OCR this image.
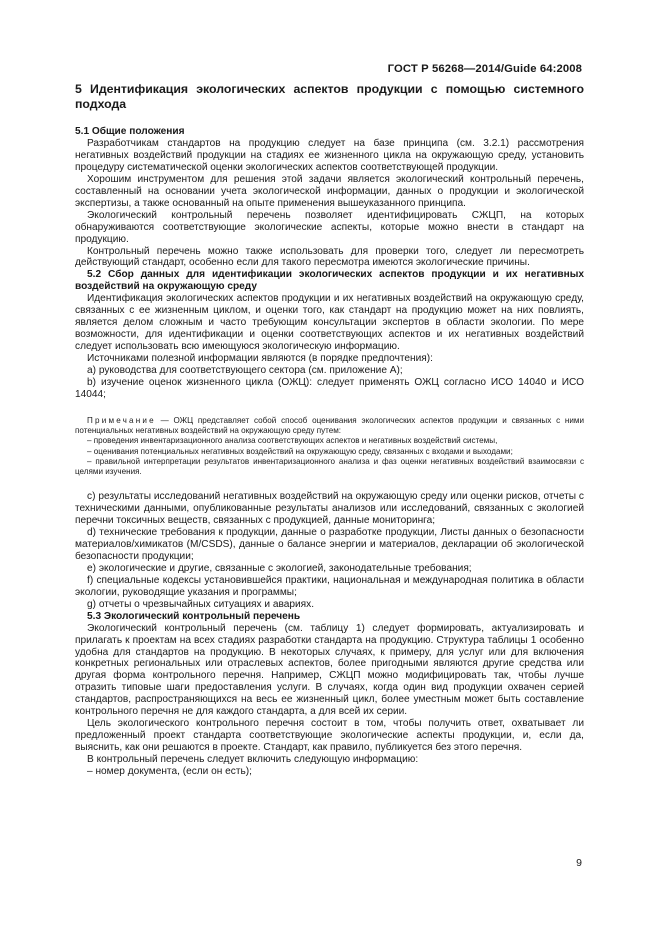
ГОСТ Р 56268—2014/Guide 64:2008
5 Идентификация экологических аспектов продукции с помощью системного подхода
5.1 Общие положения

Разработчикам стандартов на продукцию следует на базе принципа (см. 3.2.1) рассмотрения негативных воздействий продукции на стадиях ее жизненного цикла на окружающую среду, установить процедуру систематической оценки экологических аспектов соответствующей продукции.

Хорошим инструментом для решения этой задачи является экологический контрольный перечень, составленный на основании учета экологической информации, данных о продукции и экологической экспертизы, а также основанный на опыте применения вышеуказанного принципа.

Экологический контрольный перечень позволяет идентифицировать СЖЦП, на которых обнаруживаются соответствующие экологические аспекты, которые можно внести в стандарт на продукцию.

Контрольный перечень можно также использовать для проверки того, следует ли пересмотреть действующий стандарт, особенно если для такого пересмотра имеются экологические причины.

5.2 Сбор данных для идентификации экологических аспектов продукции и их негативных воздействий на окружающую среду

Идентификация экологических аспектов продукции и их негативных воздействий на окружающую среду, связанных с ее жизненным циклом, и оценки того, как стандарт на продукцию может на них повлиять, является делом сложным и часто требующим консультации экспертов в области экологии. По мере возможности, для идентификации и оценки соответствующих аспектов и их негативных воздействий следует использовать всю имеющуюся экологическую информацию.

Источниками полезной информации являются (в порядке предпочтения):

а) руководства для соответствующего сектора (см. приложение А);

b) изучение оценок жизненного цикла (ОЖЦ): следует применять ОЖЦ согласно ИСО 14040 и ИСО 14044;

Примечание — ОЖЦ представляет собой способ оценивания экологических аспектов продукции и связанных с ними потенциальных негативных воздействий на окружающую среду путем:

– проведения инвентаризационного анализа соответствующих аспектов и негативных воздействий системы,

– оценивания потенциальных негативных воздействий на окружающую среду, связанных с входами и выходами;

– правильной интерпретации результатов инвентаризационного анализа и фаз оценки негативных воздействий взаимосвязи с целями изучения.

c) результаты исследований негативных воздействий на окружающую среду или оценки рисков, отчеты с техническими данными, опубликованные результаты анализов или исследований, связанных с экологией перечни токсичных веществ, связанных с продукцией, данные мониторинга;

d) технические требования к продукции, данные о разработке продукции, Листы данных о безопасности материалов/химикатов (M/CSDS), данные о балансе энергии и материалов, декларации об экологической безопасности продукции;

e) экологические и другие, связанные с экологией, законодательные требования;

f) специальные кодексы установившейся практики, национальная и международная политика в области экологии, руководящие указания и программы;

g) отчеты о чрезвычайных ситуациях и авариях.

5.3 Экологический контрольный перечень

Экологический контрольный перечень (см. таблицу 1) следует формировать, актуализировать и прилагать к проектам на всех стадиях разработки стандарта на продукцию. Структура таблицы 1 особенно удобна для стандартов на продукцию. В некоторых случаях, к примеру, для услуг или для включения конкретных региональных или отраслевых аспектов, более пригодными являются другие средства или другая форма контрольного перечня. Например, СЖЦП можно модифицировать так, чтобы лучше отразить типовые шаги предоставления услуги. В случаях, когда один вид продукции охвачен серией стандартов, распространяющихся на весь ее жизненный цикл, более уместным может быть составление контрольного перечня не для каждого стандарта, а для всей их серии.

Цель экологического контрольного перечня состоит в том, чтобы получить ответ, охватывает ли предложенный проект стандарта соответствующие экологические аспекты продукции, и, если да, выяснить, как они решаются в проекте. Стандарт, как правило, публикуется без этого перечня.

В контрольный перечень следует включить следующую информацию:

– номер документа, (если он есть);

9
